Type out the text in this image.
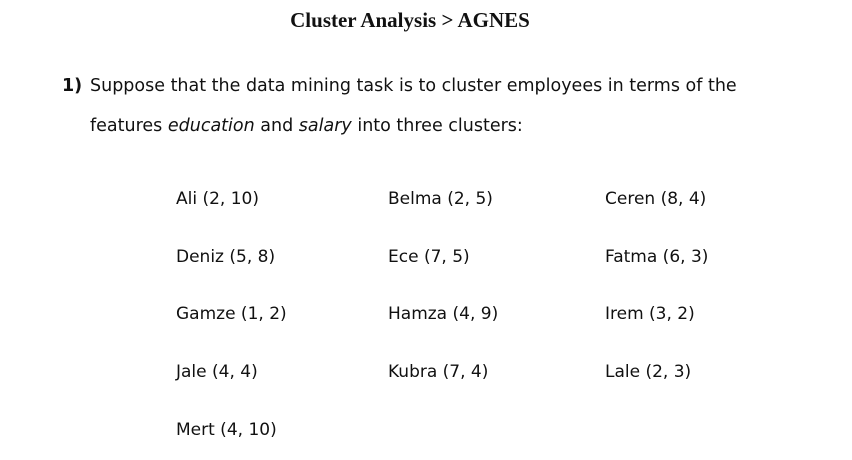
Cluster Analysis > AGNES
1) Suppose that the data mining task is to cluster employees in terms of the
features education and salary into three clusters:
Ali (2, 10)	Belma (2, 5)	Ceren (8, 4)
Deniz (5, 8)	Ece (7, 5)	Fatma (6, 3)
Gamze (1, 2)	Hamza (4, 9)	Irem (3, 2)
Jale (4, 4)	Kubra (7, 4)	Lale (2, 3)
Mert (4, 10)
